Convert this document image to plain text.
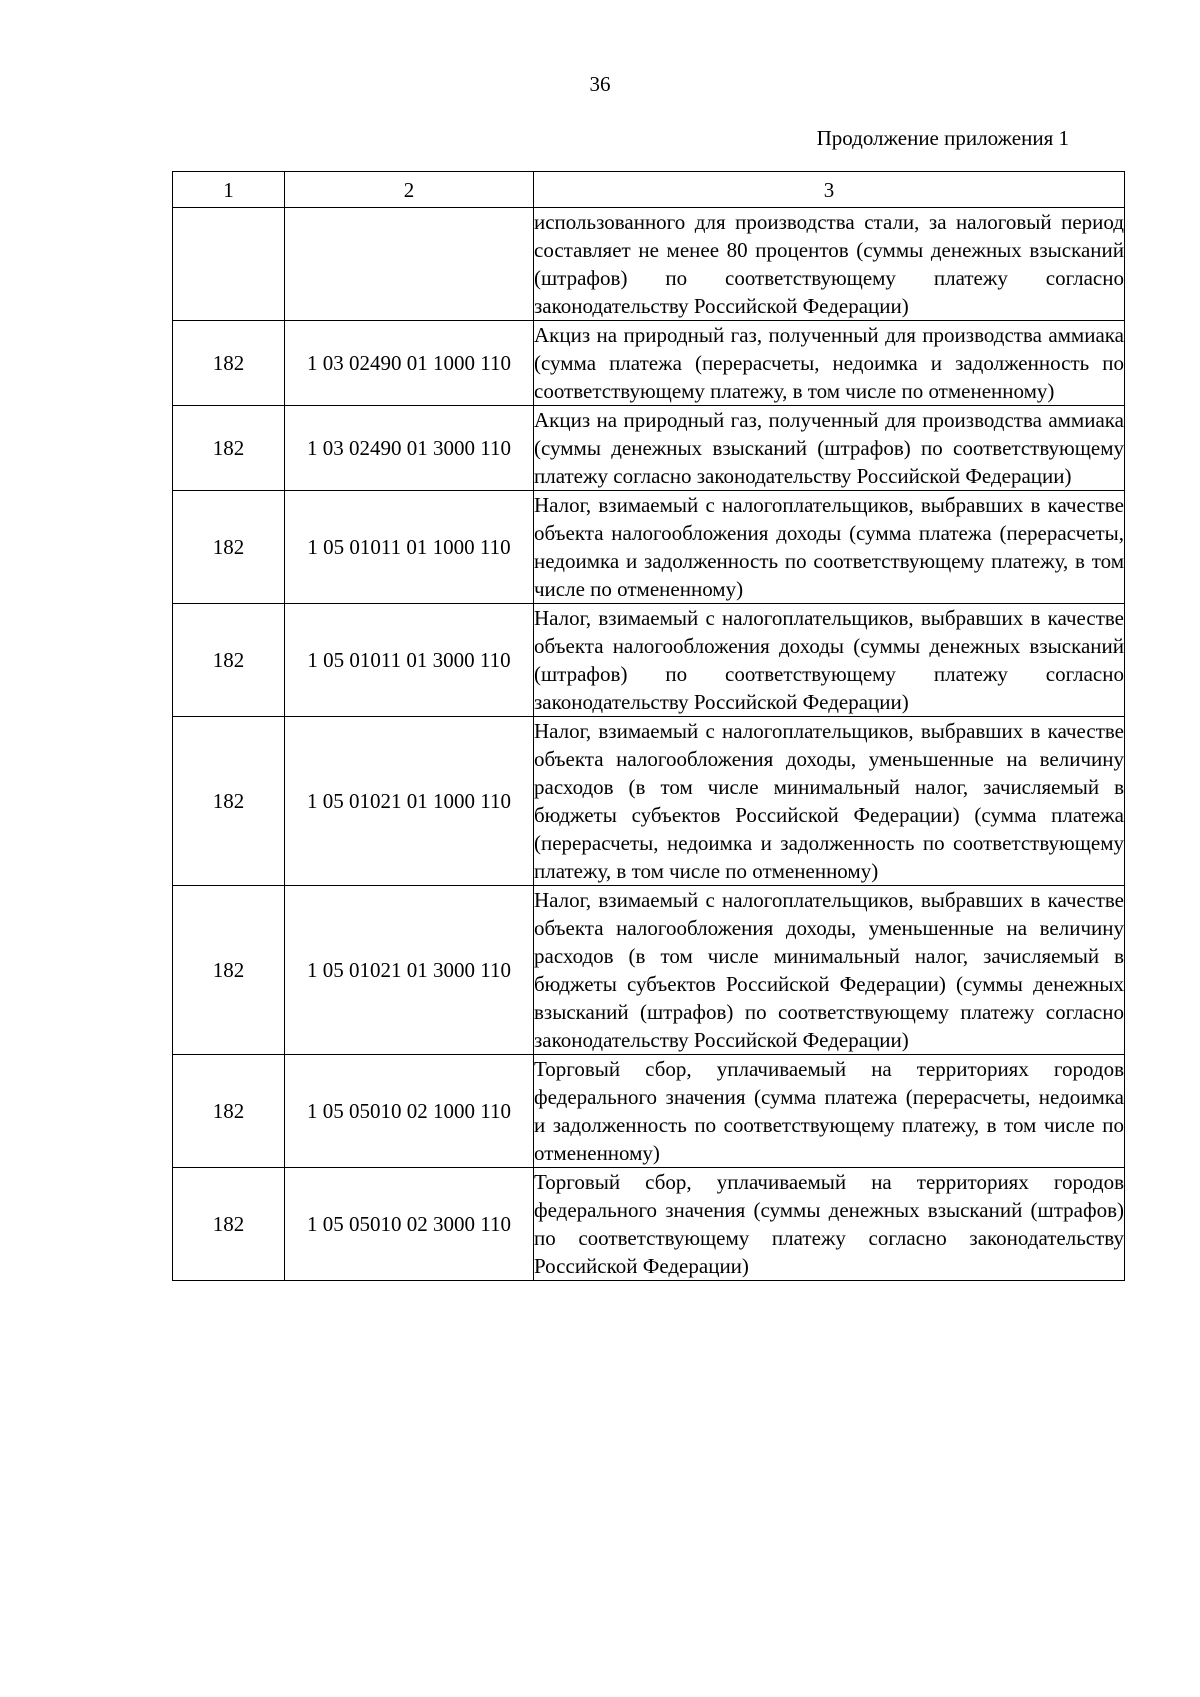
36
Продолжение приложения 1
1	2	3
		использованного для производства стали, за налоговый период составляет не менее 80 процентов (суммы денежных взысканий (штрафов) по соответствующему платежу согласно законодательству Российской Федерации)
182	1 03 02490 01 1000 110	Акциз на природный газ, полученный для производства аммиака (сумма платежа (перерасчеты, недоимка и задолженность по соответствующему платежу, в том числе по отмененному)
182	1 03 02490 01 3000 110	Акциз на природный газ, полученный для производства аммиака (суммы денежных взысканий (штрафов) по соответствующему платежу согласно законодательству Российской Федерации)
182	1 05 01011 01 1000 110	Налог, взимаемый с налогоплательщиков, выбравших в качестве объекта налогообложения доходы (сумма платежа (перерасчеты, недоимка и задолженность по соответствующему платежу, в том числе по отмененному)
182	1 05 01011 01 3000 110	Налог, взимаемый с налогоплательщиков, выбравших в качестве объекта налогообложения доходы (суммы денежных взысканий (штрафов) по соответствующему платежу согласно законодательству Российской Федерации)
182	1 05 01021 01 1000 110	Налог, взимаемый с налогоплательщиков, выбравших в качестве объекта налогообложения доходы, уменьшенные на величину расходов (в том числе минимальный налог, зачисляемый в бюджеты субъектов Российской Федерации) (сумма платежа (перерасчеты, недоимка и задолженность по соответствующему платежу, в том числе по отмененному)
182	1 05 01021 01 3000 110	Налог, взимаемый с налогоплательщиков, выбравших в качестве объекта налогообложения доходы, уменьшенные на величину расходов (в том числе минимальный налог, зачисляемый в бюджеты субъектов Российской Федерации) (суммы денежных взысканий (штрафов) по соответствующему платежу согласно законодательству Российской Федерации)
182	1 05 05010 02 1000 110	Торговый сбор, уплачиваемый на территориях городов федерального значения (сумма платежа (перерасчеты, недоимка и задолженность по соответствующему платежу, в том числе по отмененному)
182	1 05 05010 02 3000 110	Торговый сбор, уплачиваемый на территориях городов федерального значения (суммы денежных взысканий (штрафов) по соответствующему платежу согласно законодательству Российской Федерации)
